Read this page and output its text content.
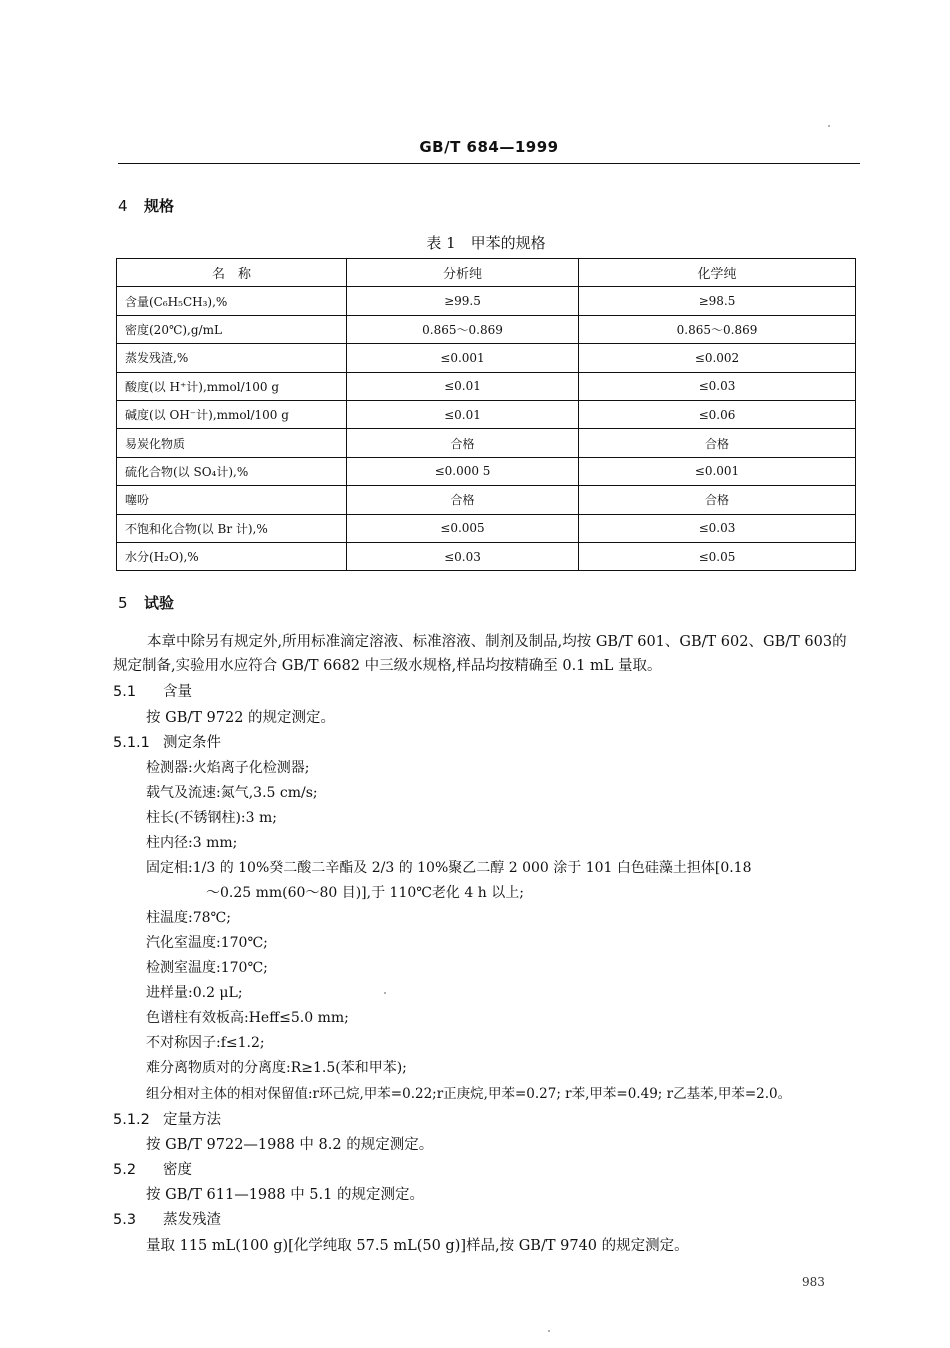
GB/T 684—1999
4 规格
表 1　甲苯的规格
名　称	分析纯	化学纯
含量(C₆H₅CH₃),%	≥99.5	≥98.5
密度(20℃),g/mL	0.865～0.869	0.865～0.869
蒸发残渣,%	≤0.001	≤0.002
酸度(以 H⁺计),mmol/100 g	≤0.01	≤0.03
碱度(以 OH⁻计),mmol/100 g	≤0.01	≤0.06
易炭化物质	合格	合格
硫化合物(以 SO₄计),%	≤0.000 5	≤0.001
噻吩	合格	合格
不饱和化合物(以 Br 计),%	≤0.005	≤0.03
水分(H₂O),%	≤0.03	≤0.05
5 试验
本章中除另有规定外,所用标准滴定溶液、标准溶液、制剂及制品,均按 GB/T 601、GB/T 602、GB/T 603的规定制备,实验用水应符合 GB/T 6682 中三级水规格,样品均按精确至 0.1 mL 量取。
5.1 含量
按 GB/T 9722 的规定测定。
5.1.1 测定条件
检测器:火焰离子化检测器;
载气及流速:氮气,3.5 cm/s;
柱长(不锈钢柱):3 m;
柱内径:3 mm;
固定相:1/3 的 10%癸二酸二辛酯及 2/3 的 10%聚乙二醇 2 000 涂于 101 白色硅藻土担体[0.18
～0.25 mm(60～80 目)],于 110℃老化 4 h 以上;
柱温度:78℃;
汽化室温度:170℃;
检测室温度:170℃;
进样量:0.2 μL;
色谱柱有效板高:Heff≤5.0 mm;
不对称因子:f≤1.2;
难分离物质对的分离度:R≥1.5(苯和甲苯);
组分相对主体的相对保留值:r环己烷,甲苯=0.22;r正庚烷,甲苯=0.27; r苯,甲苯=0.49; r乙基苯,甲苯=2.0。
5.1.2 定量方法
按 GB/T 9722—1988 中 8.2 的规定测定。
5.2 密度
按 GB/T 611—1988 中 5.1 的规定测定。
5.3 蒸发残渣
量取 115 mL(100 g)[化学纯取 57.5 mL(50 g)]样品,按 GB/T 9740 的规定测定。
983
